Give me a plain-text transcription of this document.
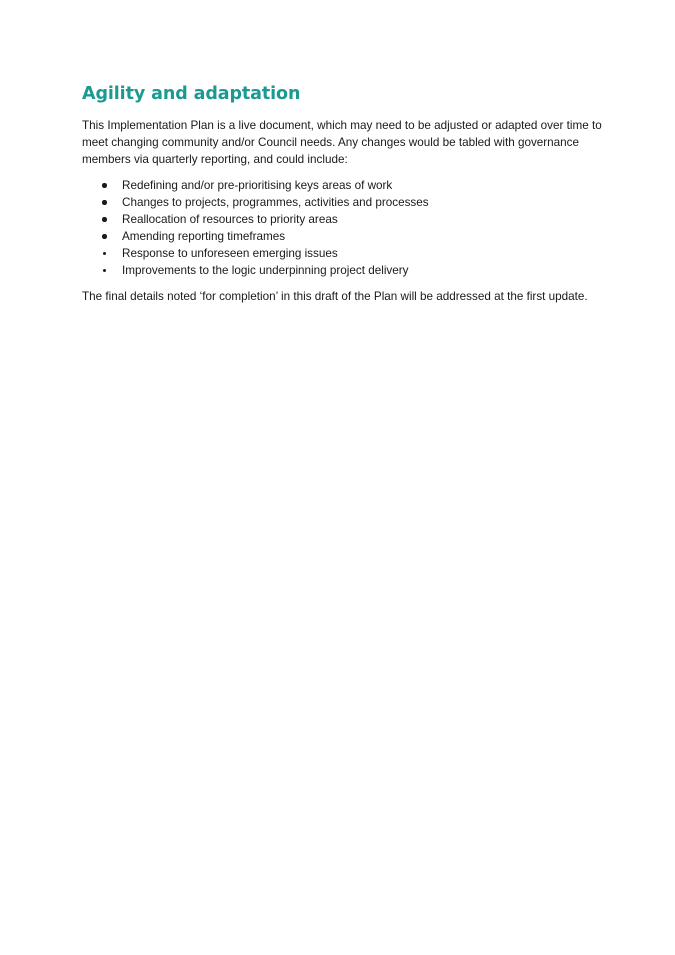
Agility and adaptation

This Implementation Plan is a live document, which may need to be adjusted or adapted over time to meet changing community and/or Council needs. Any changes would be tabled with governance members via quarterly reporting, and could include:

Redefining and/or pre-prioritising keys areas of work
Changes to projects, programmes, activities and processes
Reallocation of resources to priority areas
Amending reporting timeframes
Response to unforeseen emerging issues
Improvements to the logic underpinning project delivery

The final details noted ‘for completion’ in this draft of the Plan will be addressed at the first update.
